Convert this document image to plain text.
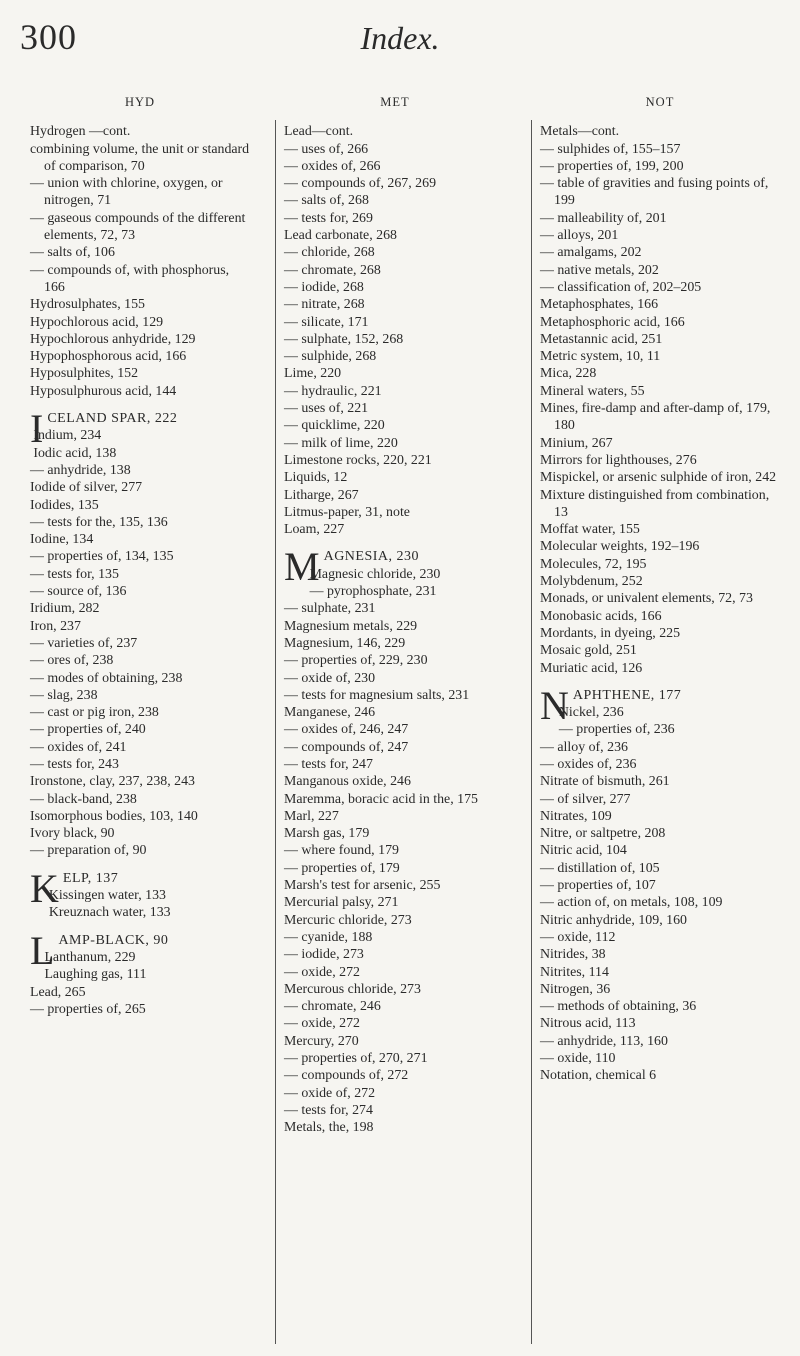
300	Index.
HYD
Hydrogen —cont.
combining volume, the unit or standard of comparison, 70
— union with chlorine, oxygen, or nitrogen, 71
— gaseous compounds of the different elements, 72, 73
— salts of, 106
— compounds of, with phosphorus, 166
Hydrosulphates, 155
Hypochlorous acid, 129
Hypochlorous anhydride, 129
Hypophosphorous acid, 166
Hyposulphites, 152
Hyposulphurous acid, 144
ICELAND SPAR, 222
Indium, 234
Iodic acid, 138
— anhydride, 138
Iodide of silver, 277
Iodides, 135
— tests for the, 135, 136
Iodine, 134
— properties of, 134, 135
— tests for, 135
— source of, 136
Iridium, 282
Iron, 237
— varieties of, 237
— ores of, 238
— modes of obtaining, 238
— slag, 238
— cast or pig iron, 238
— properties of, 240
— oxides of, 241
— tests for, 243
Ironstone, clay, 237, 238, 243
— black-band, 238
Isomorphous bodies, 103, 140
Ivory black, 90
— preparation of, 90
KELP, 137
Kissingen water, 133
Kreuznach water, 133
LAMP-BLACK, 90
Lanthanum, 229
Laughing gas, 111
Lead, 265
— properties of, 265
MET
Lead—cont.
— uses of, 266
— oxides of, 266
— compounds of, 267, 269
— salts of, 268
— tests for, 269
Lead carbonate, 268
— chloride, 268
— chromate, 268
— iodide, 268
— nitrate, 268
— silicate, 171
— sulphate, 152, 268
— sulphide, 268
Lime, 220
— hydraulic, 221
— uses of, 221
— quicklime, 220
— milk of lime, 220
Limestone rocks, 220, 221
Liquids, 12
Litharge, 267
Litmus-paper, 31, note
Loam, 227
MAGNESIA, 230
Magnesic chloride, 230
— pyrophosphate, 231
— sulphate, 231
Magnesium metals, 229
Magnesium, 146, 229
— properties of, 229, 230
— oxide of, 230
— tests for magnesium salts, 231
Manganese, 246
— oxides of, 246, 247
— compounds of, 247
— tests for, 247
Manganous oxide, 246
Maremma, boracic acid in the, 175
Marl, 227
Marsh gas, 179
— where found, 179
— properties of, 179
Marsh's test for arsenic, 255
Mercurial palsy, 271
Mercuric chloride, 273
— cyanide, 188
— iodide, 273
— oxide, 272
Mercurous chloride, 273
— chromate, 246
— oxide, 272
Mercury, 270
— properties of, 270, 271
— compounds of, 272
— oxide of, 272
— tests for, 274
Metals, the, 198
NOT
Metals—cont.
— sulphides of, 155–157
— properties of, 199, 200
— table of gravities and fusing points of, 199
— malleability of, 201
— alloys, 201
— amalgams, 202
— native metals, 202
— classification of, 202–205
Metaphosphates, 166
Metaphosphoric acid, 166
Metastannic acid, 251
Metric system, 10, 11
Mica, 228
Mineral waters, 55
Mines, fire-damp and after-damp of, 179, 180
Minium, 267
Mirrors for lighthouses, 276
Mispickel, or arsenic sulphide of iron, 242
Mixture distinguished from combination, 13
Moffat water, 155
Molecular weights, 192–196
Molecules, 72, 195
Molybdenum, 252
Monads, or univalent elements, 72, 73
Monobasic acids, 166
Mordants, in dyeing, 225
Mosaic gold, 251
Muriatic acid, 126
NAPHTHENE, 177
Nickel, 236
— properties of, 236
— alloy of, 236
— oxides of, 236
Nitrate of bismuth, 261
— of silver, 277
Nitrates, 109
Nitre, or saltpetre, 208
Nitric acid, 104
— distillation of, 105
— properties of, 107
— action of, on metals, 108, 109
Nitric anhydride, 109, 160
— oxide, 112
Nitrides, 38
Nitrites, 114
Nitrogen, 36
— methods of obtaining, 36
Nitrous acid, 113
— anhydride, 113, 160
— oxide, 110
Notation, chemical 6
